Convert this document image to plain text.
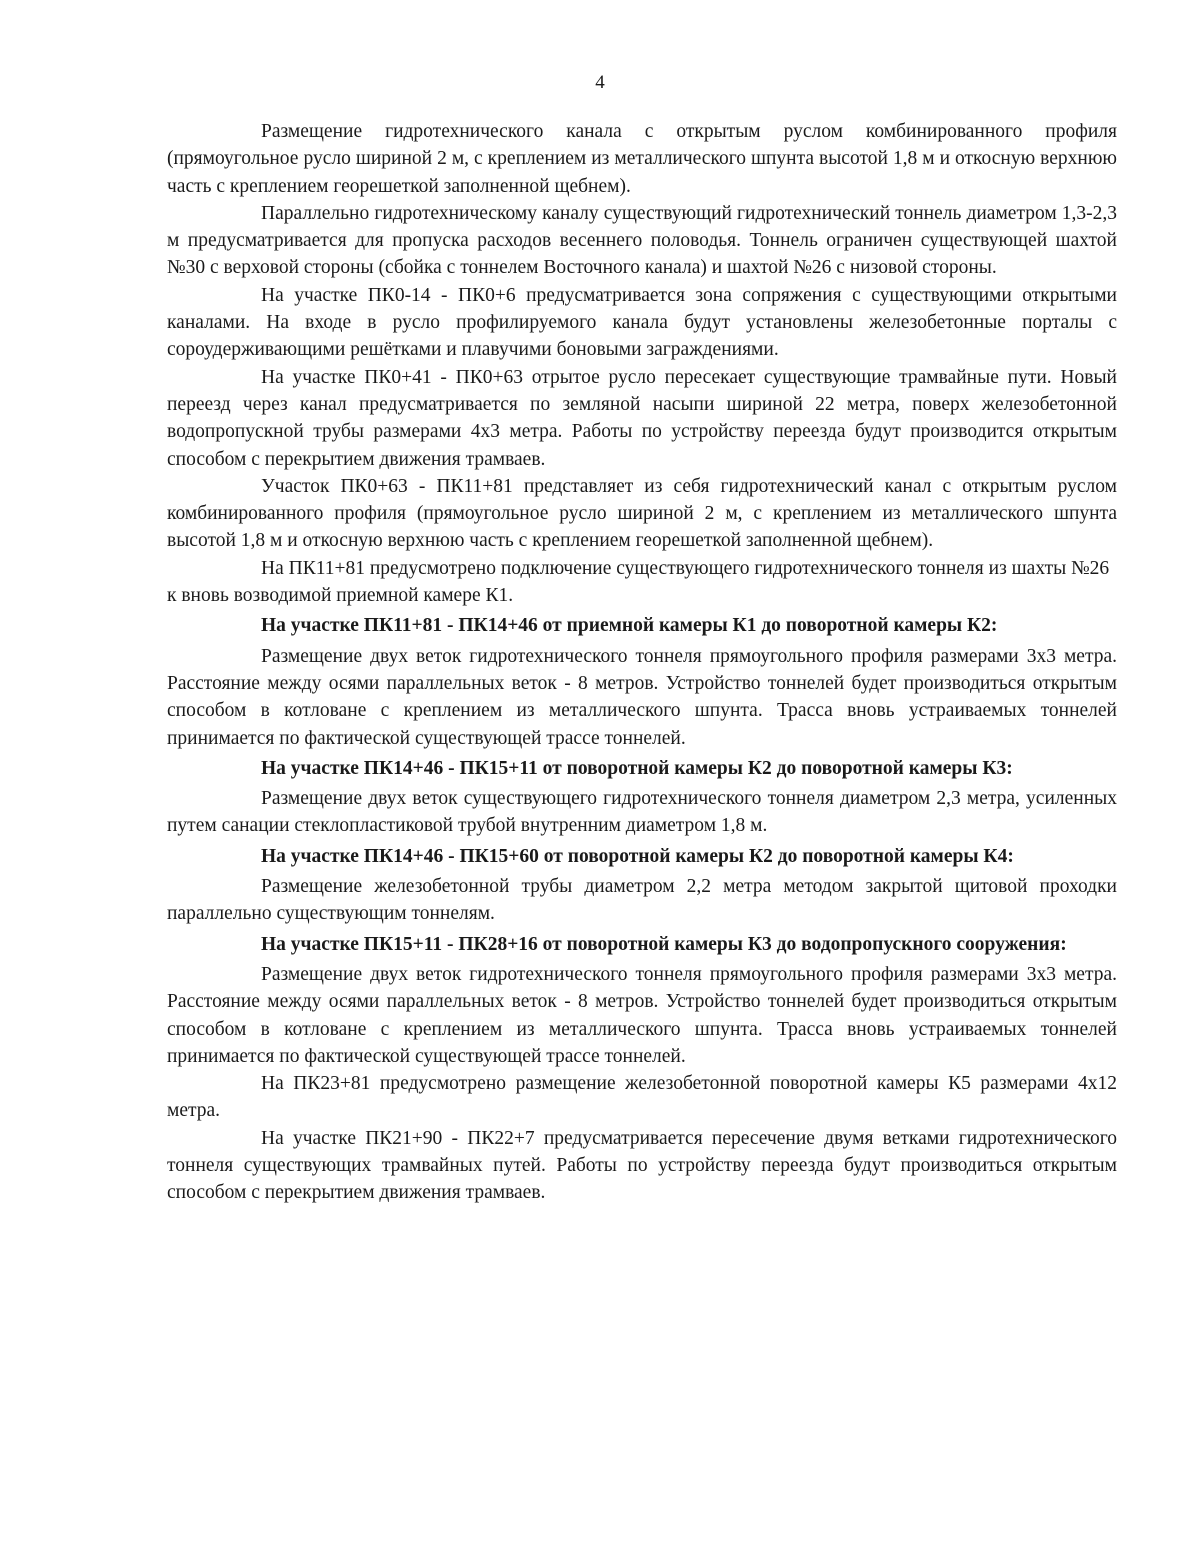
4

Размещение гидротехнического канала с открытым руслом комбинированного профиля (прямоугольное русло шириной 2 м, с креплением из металлического шпунта высотой 1,8 м и откосную верхнюю часть с креплением георешеткой заполненной щебнем).

Параллельно гидротехническому каналу существующий гидротехнический тоннель диаметром 1,3-2,3 м предусматривается для пропуска расходов весеннего половодья. Тоннель ограничен существующей шахтой №30 с верховой стороны (сбойка с тоннелем Восточного канала) и шахтой №26 с низовой стороны.

На участке ПК0-14 - ПК0+6 предусматривается зона сопряжения с существующими открытыми каналами. На входе в русло профилируемого канала будут установлены железобетонные порталы с сороудерживающими решётками и плавучими боновыми заграждениями.

На участке ПК0+41 - ПК0+63 отрытое русло пересекает существующие трамвайные пути. Новый переезд через канал предусматривается по земляной насыпи шириной 22 метра, поверх железобетонной водопропускной трубы размерами 4х3 метра. Работы по устройству переезда будут производится открытым способом с перекрытием движения трамваев.

Участок ПК0+63 - ПК11+81 представляет из себя гидротехнический канал с открытым руслом комбинированного профиля (прямоугольное русло шириной 2 м, с креплением из металлического шпунта высотой 1,8 м и откосную верхнюю часть с креплением георешеткой заполненной щебнем).

На ПК11+81 предусмотрено подключение существующего гидротехнического тоннеля из шахты №26 к вновь возводимой приемной камере К1.

На участке ПК11+81 - ПК14+46 от приемной камеры К1 до поворотной камеры К2:

Размещение двух веток гидротехнического тоннеля прямоугольного профиля размерами 3х3 метра. Расстояние между осями параллельных веток - 8 метров. Устройство тоннелей будет производиться открытым способом в котловане с креплением из металлического шпунта. Трасса вновь устраиваемых тоннелей принимается по фактической существующей трассе тоннелей.

На участке ПК14+46 - ПК15+11 от поворотной камеры К2 до поворотной камеры К3:

Размещение двух веток существующего гидротехнического тоннеля диаметром 2,3 метра, усиленных путем санации стеклопластиковой трубой внутренним диаметром 1,8 м.

На участке ПК14+46 - ПК15+60 от поворотной камеры К2 до поворотной камеры К4:

Размещение железобетонной трубы диаметром 2,2 метра методом закрытой щитовой проходки параллельно существующим тоннелям.

На участке ПК15+11 - ПК28+16 от поворотной камеры К3 до водопропускного сооружения:

Размещение двух веток гидротехнического тоннеля прямоугольного профиля размерами 3х3 метра. Расстояние между осями параллельных веток - 8 метров. Устройство тоннелей будет производиться открытым способом в котловане с креплением из металлического шпунта. Трасса вновь устраиваемых тоннелей принимается по фактической существующей трассе тоннелей.

На ПК23+81 предусмотрено размещение железобетонной поворотной камеры К5 размерами 4х12 метра.

На участке ПК21+90 - ПК22+7 предусматривается пересечение двумя ветками гидротехнического тоннеля существующих трамвайных путей. Работы по устройству переезда будут производиться открытым способом с перекрытием движения трамваев.
